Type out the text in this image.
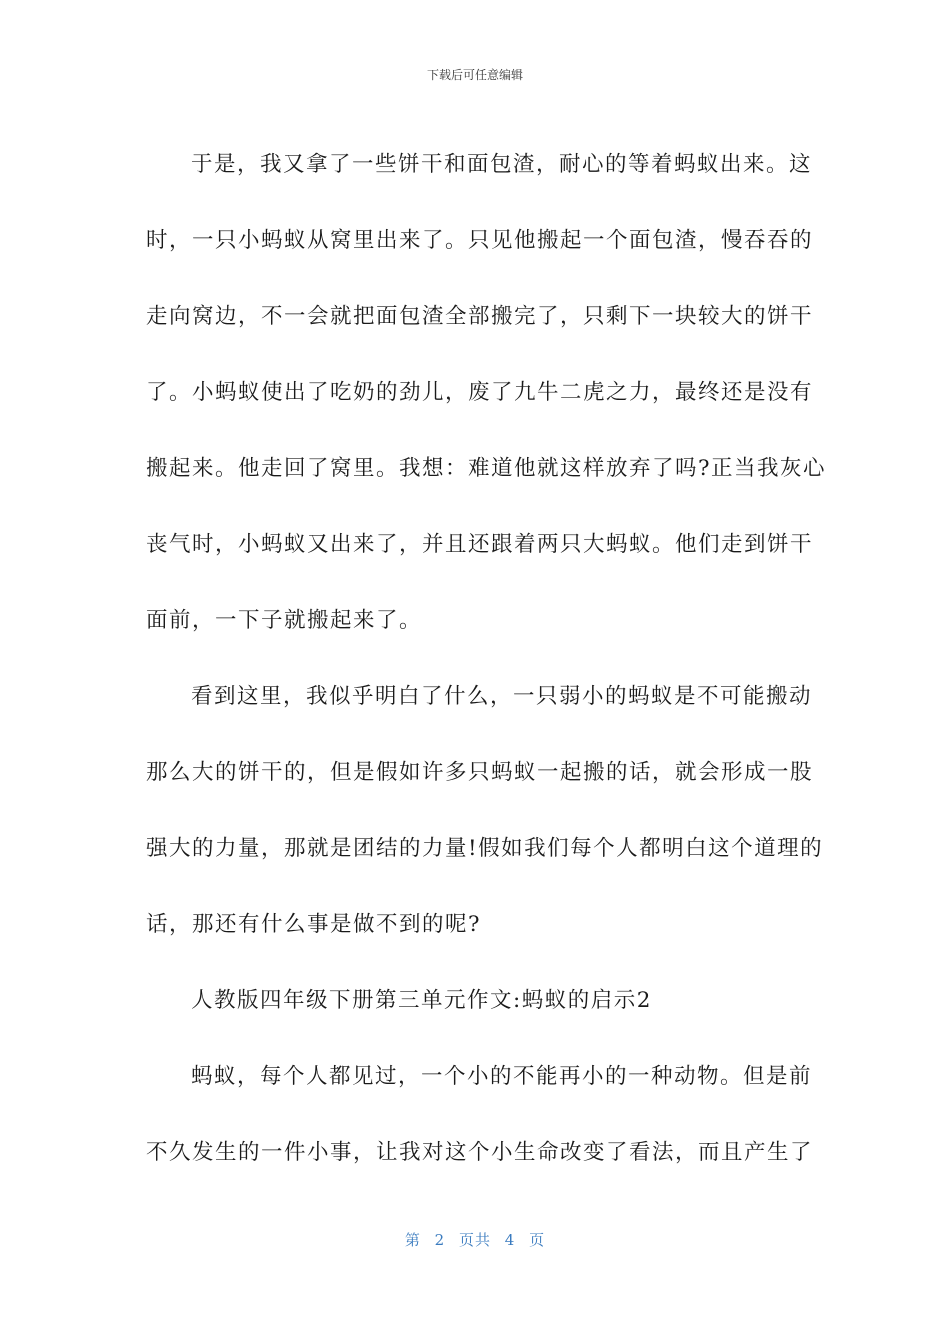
下载后可任意编辑
于是，我又拿了一些饼干和面包渣，耐心的等着蚂蚁出来。这
时，一只小蚂蚁从窝里出来了。只见他搬起一个面包渣，慢吞吞的
走向窝边，不一会就把面包渣全部搬完了，只剩下一块较大的饼干
了。小蚂蚁使出了吃奶的劲儿，废了九牛二虎之力，最终还是没有
搬起来。他走回了窝里。我想：难道他就这样放弃了吗?正当我灰心
丧气时，小蚂蚁又出来了，并且还跟着两只大蚂蚁。他们走到饼干
面前，一下子就搬起来了。
看到这里，我似乎明白了什么，一只弱小的蚂蚁是不可能搬动
那么大的饼干的，但是假如许多只蚂蚁一起搬的话，就会形成一股
强大的力量，那就是团结的力量!假如我们每个人都明白这个道理的
话，那还有什么事是做不到的呢?
人教版四年级下册第三单元作文:蚂蚁的启示2
蚂蚁，每个人都见过，一个小的不能再小的一种动物。但是前
不久发生的一件小事，让我对这个小生命改变了看法，而且产生了
第 2 页共 4 页
